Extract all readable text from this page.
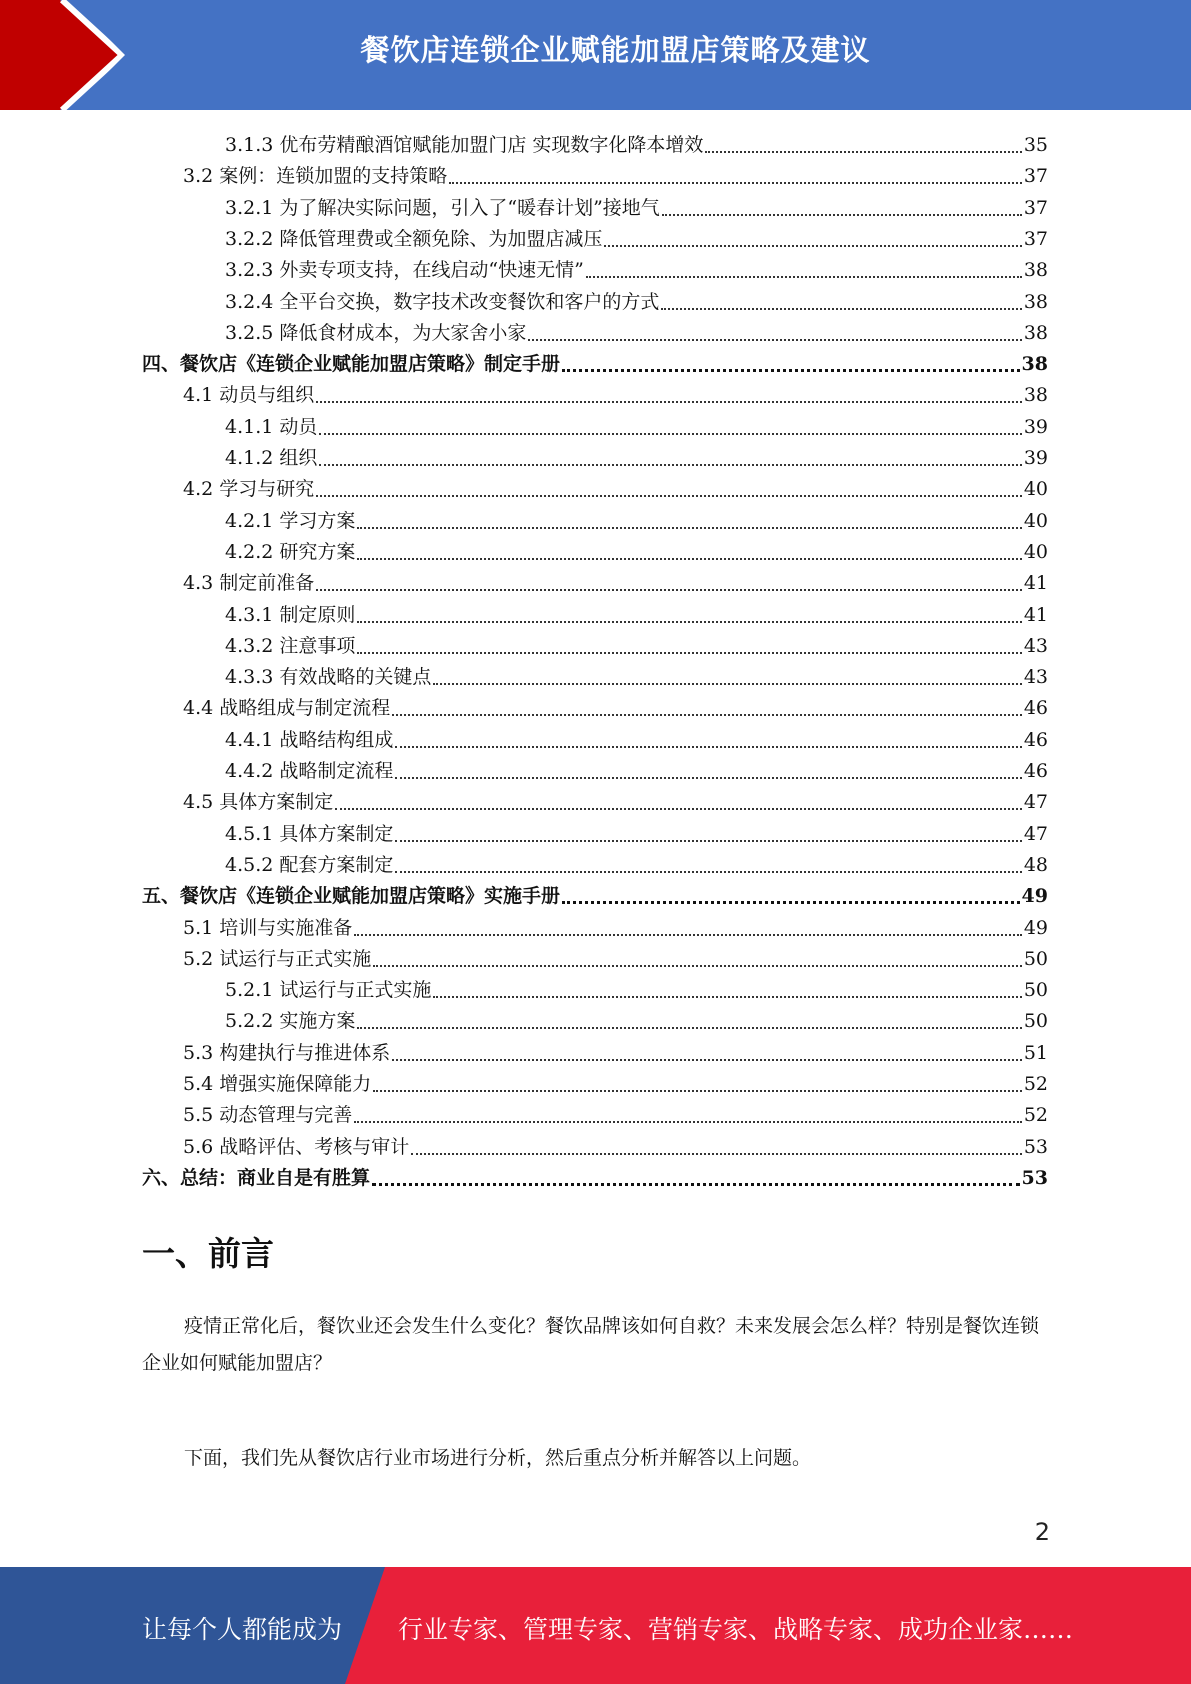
餐饮店连锁企业赋能加盟店策略及建议
3.1.3 优布劳精酿酒馆赋能加盟门店 实现数字化降本增效	35
3.2 案例：连锁加盟的支持策略	37
3.2.1 为了解决实际问题，引入了“暖春计划”接地气	37
3.2.2 降低管理费或全额免除、为加盟店减压	37
3.2.3 外卖专项支持，在线启动“快速无情”	38
3.2.4 全平台交换，数字技术改变餐饮和客户的方式	38
3.2.5 降低食材成本，为大家舍小家	38
四、餐饮店《连锁企业赋能加盟店策略》制定手册	38
4.1 动员与组织	38
4.1.1 动员	39
4.1.2 组织	39
4.2 学习与研究	40
4.2.1 学习方案	40
4.2.2 研究方案	40
4.3 制定前准备	41
4.3.1 制定原则	41
4.3.2 注意事项	43
4.3.3 有效战略的关键点	43
4.4 战略组成与制定流程	46
4.4.1 战略结构组成	46
4.4.2 战略制定流程	46
4.5 具体方案制定	47
4.5.1 具体方案制定	47
4.5.2 配套方案制定	48
五、餐饮店《连锁企业赋能加盟店策略》实施手册	49
5.1 培训与实施准备	49
5.2 试运行与正式实施	50
5.2.1 试运行与正式实施	50
5.2.2 实施方案	50
5.3 构建执行与推进体系	51
5.4 增强实施保障能力	52
5.5 动态管理与完善	52
5.6 战略评估、考核与审计	53
六、总结：商业自是有胜算	53
一、前言

疫情正常化后，餐饮业还会发生什么变化？餐饮品牌该如何自救？未来发展会怎么样？特别是餐饮连锁企业如何赋能加盟店？

下面，我们先从餐饮店行业市场进行分析，然后重点分析并解答以上问题。

2
让每个人都能成为 行业专家、管理专家、营销专家、战略专家、成功企业家……
